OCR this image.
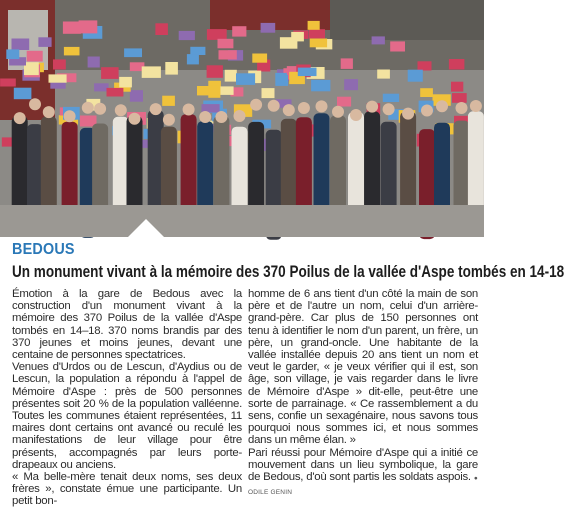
BEDOUS
Un monument vivant à la mémoire des 370 Poilus de la vallée d'Aspe tombés en 14-18

Émotion à la gare de Bedous avec la construction d'un monument vivant à la mémoire des 370 Poilus de la vallée d'Aspe tombés en 14–18. 370 noms brandis par des 370 jeunes et moins jeunes, devant une centaine de personnes spectatrices.

Venues d'Urdos ou de Lescun, d'Aydius ou de Lescun, la population a répondu à l'appel de Mémoire d'Aspe : près de 500 personnes présentes soit 20 % de la population valléenne. Toutes les communes étaient représentées, 11 maires dont certains ont avancé ou reculé les manifestations de leur village pour être présents, accompagnés par leurs porte-drapeaux ou anciens.

« Ma belle-mère tenait deux noms, ses deux frères », constate émue une participante. Un petit bon-

homme de 6 ans tient d'un côté la main de son père et de l'autre un nom, celui d'un arrière-grand-père. Car plus de 150 personnes ont tenu à identifier le nom d'un parent, un frère, un père, un grand-oncle. Une habitante de la vallée installée depuis 20 ans tient un nom et veut le garder, « je veux vérifier qui il est, son âge, son village, je vais regarder dans le livre de Mémoire d'Aspe » dit-elle, peut-être une sorte de parrainage. « Ce rassemblement a du sens, confie un sexagénaire, nous savons tous pourquoi nous sommes ici, et nous sommes dans un même élan. »

Pari réussi pour Mémoire d'Aspe qui a initié ce mouvement dans un lieu symbolique, la gare de Bedous, d'où sont partis les soldats aspois. ● ODILE GENIN
